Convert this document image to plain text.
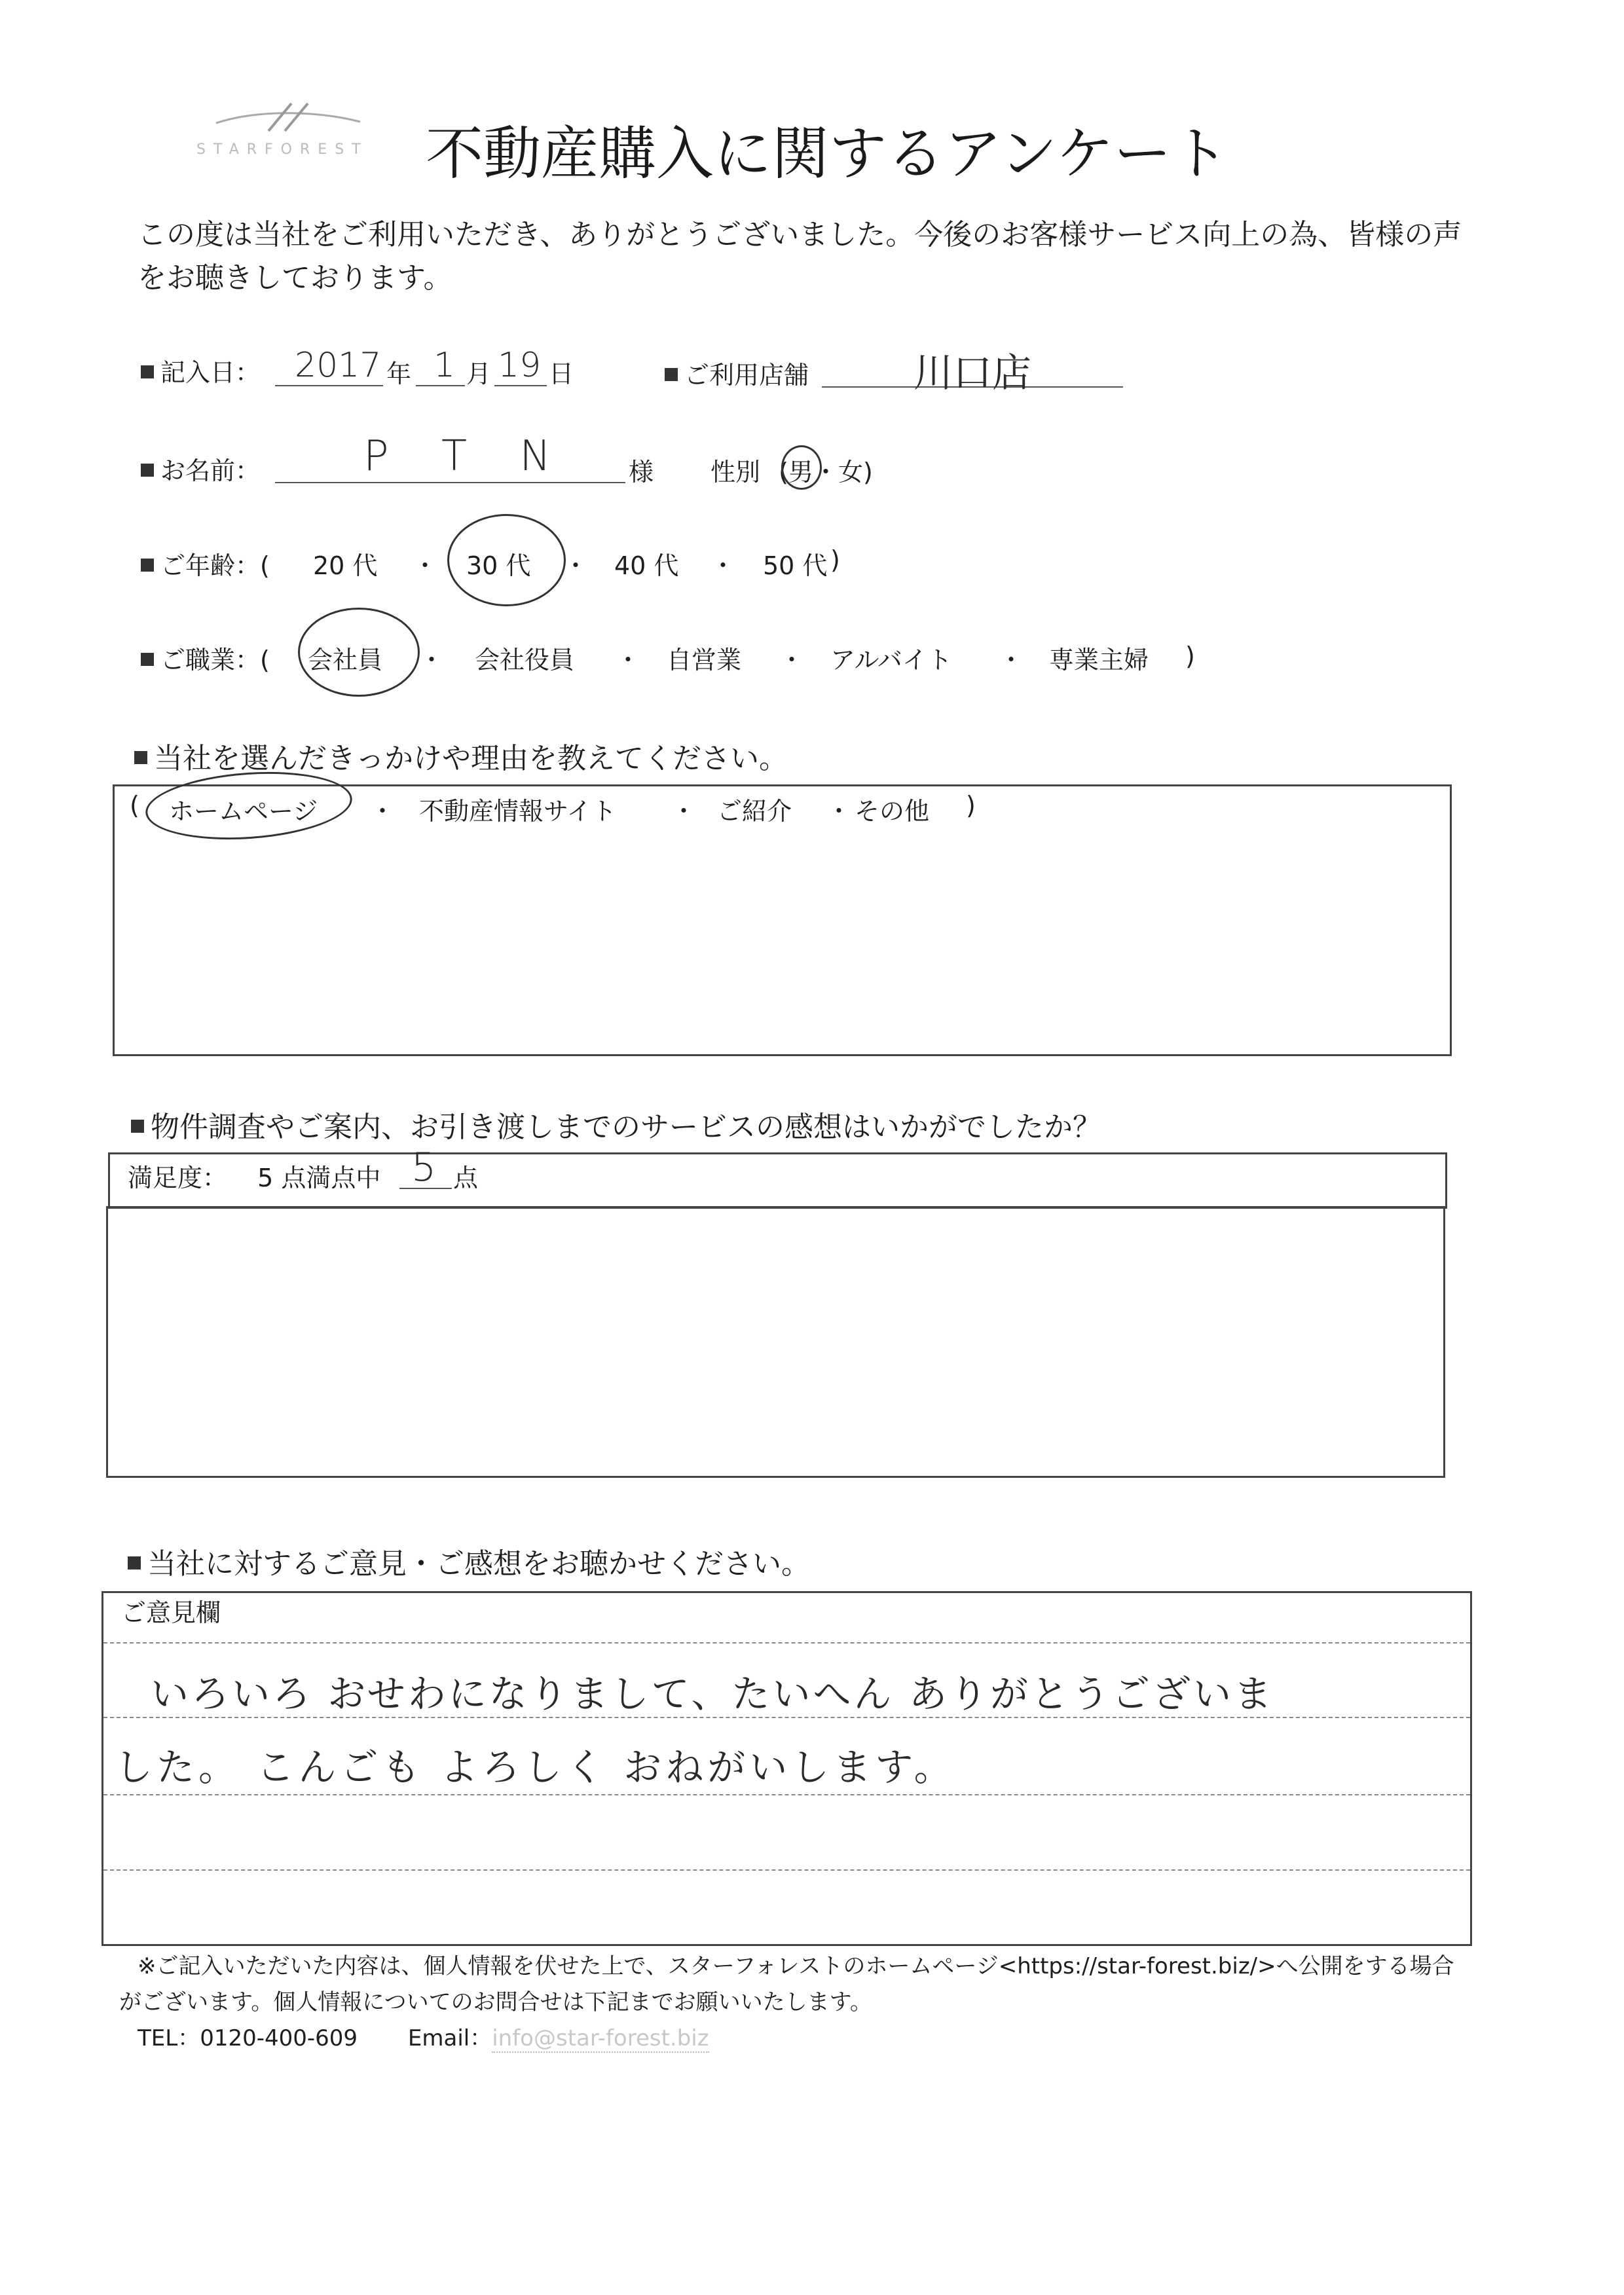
STARFOREST 不動産購入に関するアンケート
この度は当社をご利用いただき、ありがとうございました。今後のお客様サービス向上の為、皆様の声
をお聴きしております。
記入日： 2017 年 1 月 19 日	ご利用店舗	川口店
お名前： P T N 様 性別 (男・女)
ご年齢：( 20 代 ・ 30 代 ・ 40 代 ・ 50 代 )
ご職業：( 会社員 ・ 会社役員 ・ 自営業 ・ アルバイト ・ 専業主婦 )
当社を選んだきっかけや理由を教えてください。
( ホームページ ・ 不動産情報サイト ・ ご紹介 ・ その他 )
物件調査やご案内、お引き渡しまでのサービスの感想はいかがでしたか？
満足度： 5 点満点中 5 点
当社に対するご意見・ご感想をお聴かせください。
ご意見欄
いろいろ おせわになりまして、たいへん ありがとうございま
した。 こんごも よろしく おねがいします。
※ご記入いただいた内容は、個人情報を伏せた上で、スターフォレストのホームページ<https://star-forest.biz/>へ公開をする場合
がございます。個人情報についてのお問合せは下記までお願いいたします。
TEL：0120-400-609 Email：info@star-forest.biz
